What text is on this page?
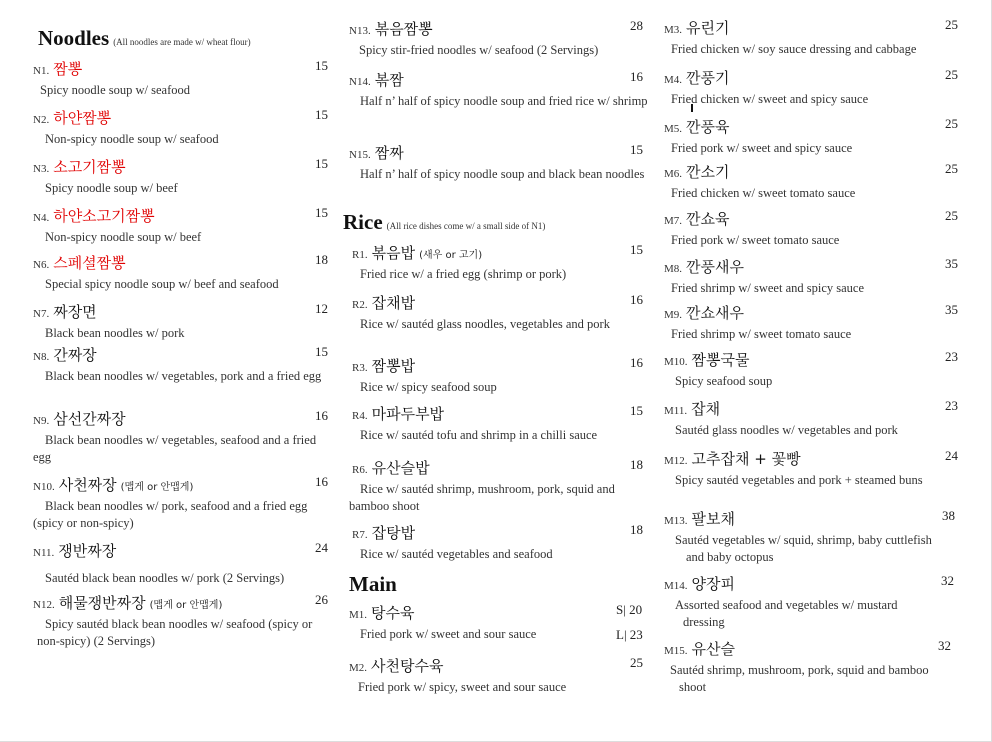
Noodles (All noodles are made w/ wheat flour)
Rice (All rice dishes come w/ a small side of N1)
Main
N1. 짬뽕	15
Spicy noodle soup w/ seafood
N2. 하얀짬뽕	15
Non-spicy noodle soup w/ seafood
N3. 소고기짬뽕	15
Spicy noodle soup w/ beef
N4. 하얀소고기짬뽕	15
Non-spicy noodle soup w/ beef
N6. 스페셜짬뽕	18
Special spicy noodle soup w/ beef and seafood
N7. 짜장면	12
Black bean noodles w/ pork
N8. 간짜장	15
Black bean noodles w/ vegetables, pork and a fried egg
N9. 삼선간짜장	16
Black bean noodles w/ vegetables, seafood and a fried egg
N10. 사천짜장 (맵게 or 안맵게)	16
Black bean noodles w/ pork, seafood and a fried egg (spicy or non-spicy)
N11. 쟁반짜장	24
Sautéd black bean noodles w/ pork (2 Servings)
N12. 해물쟁반짜장 (맵게 or 안맵게)	26
Spicy sautéd black bean noodles w/ seafood (spicy or non-spicy) (2 Servings)
N13. 볶음짬뽕	28
Spicy stir-fried noodles w/ seafood (2 Servings)
N14. 볶짬	16
Half n’ half of spicy noodle soup and fried rice w/ shrimp
N15. 짬짜	15
Half n’ half of spicy noodle soup and black bean noodles
R1. 볶음밥 (새우 or 고기)	15
Fried rice w/ a fried egg (shrimp or pork)
R2. 잡채밥	16
Rice w/ sautéd glass noodles, vegetables and pork
R3. 짬뽕밥	16
Rice w/ spicy seafood soup
R4. 마파두부밥	15
Rice w/ sautéd tofu and shrimp in a chilli sauce
R6. 유산슬밥	18
Rice w/ sautéd shrimp, mushroom, pork, squid and bamboo shoot
R7. 잡탕밥	18
Rice w/ sautéd vegetables and seafood
M1. 탕수육	S| 20
Fried pork w/ sweet and sour sauce	L| 23
M2. 사천탕수육	25
Fried pork w/ spicy, sweet and sour sauce
M3. 유린기	25
Fried chicken w/ soy sauce dressing and cabbage
M4. 깐풍기	25
Fried chicken w/ sweet and spicy sauce
M5. 깐풍육	25
Fried pork w/ sweet and spicy sauce
M6. 깐소기	25
Fried chicken w/ sweet tomato sauce
M7. 깐쇼육	25
Fried pork w/ sweet tomato sauce
M8. 깐풍새우	35
Fried shrimp w/ sweet and spicy sauce
M9. 깐쇼새우	35
Fried shrimp w/ sweet tomato sauce
M10. 짬뽕국물	23
Spicy seafood soup
M11. 잡채	23
Sautéd glass noodles w/ vegetables and pork
M12. 고추잡채 + 꽃빵	24
Spicy sautéd vegetables and pork + steamed buns
M13. 팔보채	38
Sautéd vegetables w/ squid, shrimp, baby cuttlefish and baby octopus
M14. 양장피	32
Assorted seafood and vegetables w/ mustard dressing
M15. 유산슬	32
Sautéd shrimp, mushroom, pork, squid and bamboo shoot
